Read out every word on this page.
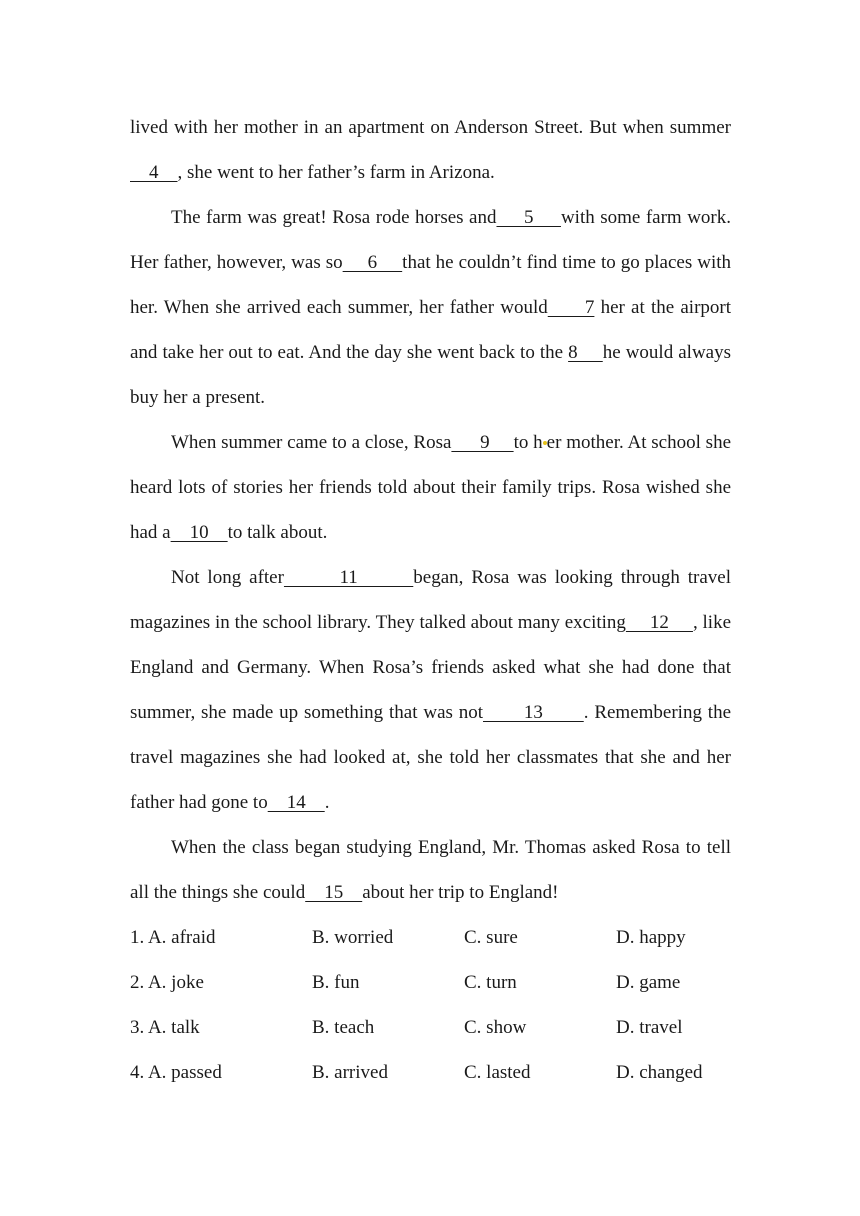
lived with her mother in an apartment on Anderson Street. But when summer    4    , she went to her father’s farm in Arizona.

The farm was great! Rosa rode horses and     5     with some farm work. Her father, however, was so     6     that he couldn’t find time to go places with her. When she arrived each summer, her father would      7 her at the airport and take her out to eat. And the day she went back to the 8     he would always buy her a present.

When summer came to a close, Rosa      9     to h er mother. At school she heard lots of stories her friends told about their family trips. Rosa wished she had a    10    to talk about.

Not long after       11       began, Rosa was looking through travel magazines in the school library. They talked about many exciting     12     , like England and Germany. When Rosa’s friends asked what she had done that summer, she made up something that was not       13       . Remembering the travel magazines she had looked at, she told her classmates that she and her father had gone to    14    .

When the class began studying England, Mr. Thomas asked Rosa to tell all the things she could    15    about her trip to England!

1. A. afraid	B. worried	C. sure	D. happy
2. A. joke	B. fun	C. turn	D. game
3. A. talk	B. teach	C. show	D. travel
4. A. passed	B. arrived	C. lasted	D. changed
